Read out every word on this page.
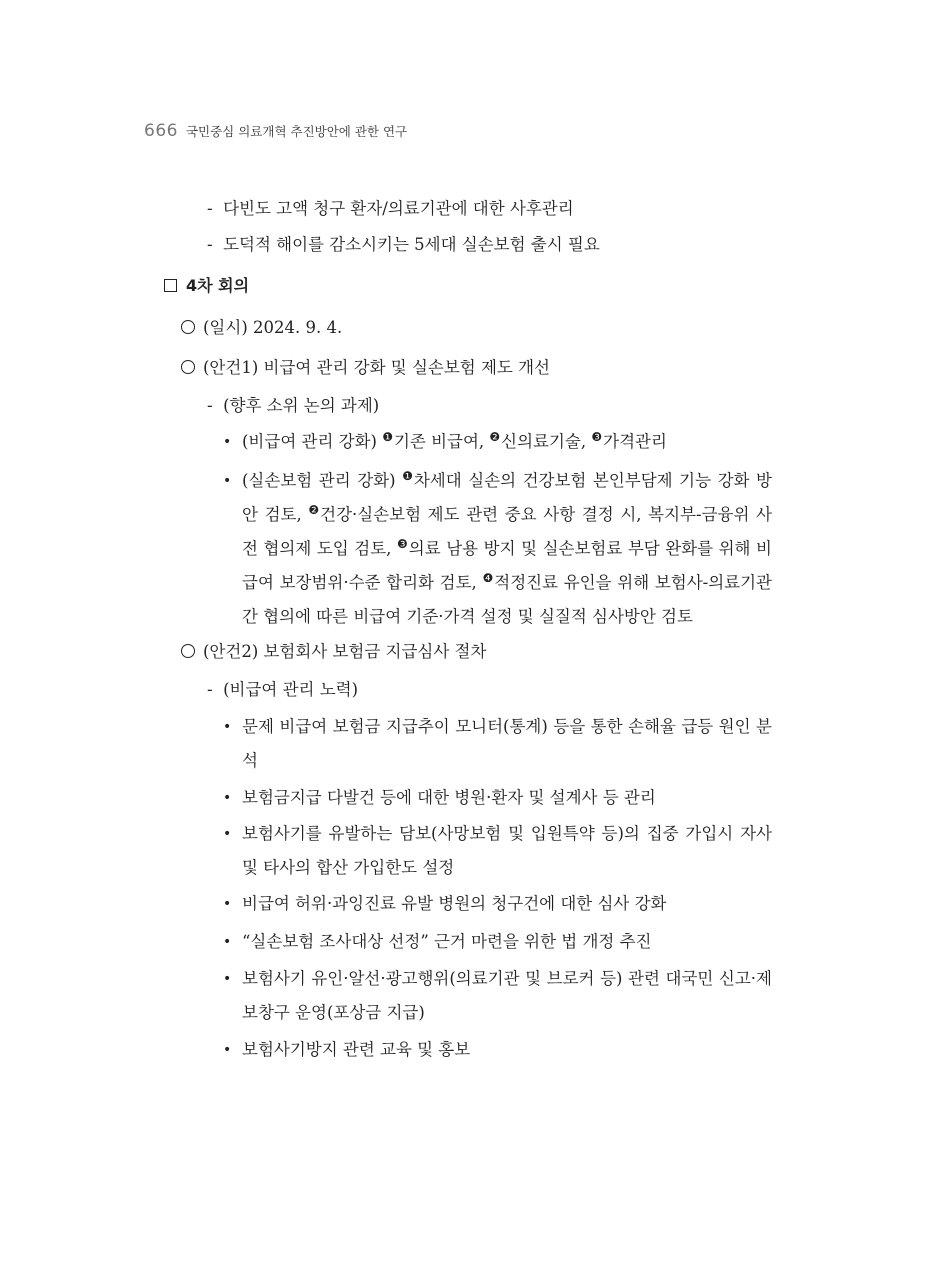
666 국민중심 의료개혁 추진방안에 관한 연구
-  다빈도 고액 청구 환자/의료기관에 대한 사후관리
-  도덕적 해이를 감소시키는 5세대 실손보험 출시 필요
4차 회의
(일시) 2024. 9. 4.
(안건1) 비급여 관리 강화 및 실손보험 제도 개선
-  (향후 소위 논의 과제)
• (비급여 관리 강화) ❶기존 비급여, ❷신의료기술, ❸가격관리
• (실손보험 관리 강화) ❶차세대 실손의 건강보험 본인부담제 기능 강화 방안 검토, ❷건강·실손보험 제도 관련 중요 사항 결정 시, 복지부-금융위 사전 협의제 도입 검토, ❸의료 남용 방지 및 실손보험료 부담 완화를 위해 비급여 보장범위·수준 합리화 검토, ❹적정진료 유인을 위해 보험사-의료기관간 협의에 따른 비급여 기준·가격 설정 및 실질적 심사방안 검토
(안건2) 보험회사 보험금 지급심사 절차
-  (비급여 관리 노력)
• 문제 비급여 보험금 지급추이 모니터(통계) 등을 통한 손해율 급등 원인 분석
• 보험금지급 다발건 등에 대한 병원·환자 및 설계사 등 관리
• 보험사기를 유발하는 담보(사망보험 및 입원특약 등)의 집중 가입시 자사 및 타사의 합산 가입한도 설정
• 비급여 허위·과잉진료 유발 병원의 청구건에 대한 심사 강화
• “실손보험 조사대상 선정” 근거 마련을 위한 법 개정 추진
• 보험사기 유인·알선·광고행위(의료기관 및 브로커 등) 관련 대국민 신고·제보창구 운영(포상금 지급)
• 보험사기방지 관련 교육 및 홍보
